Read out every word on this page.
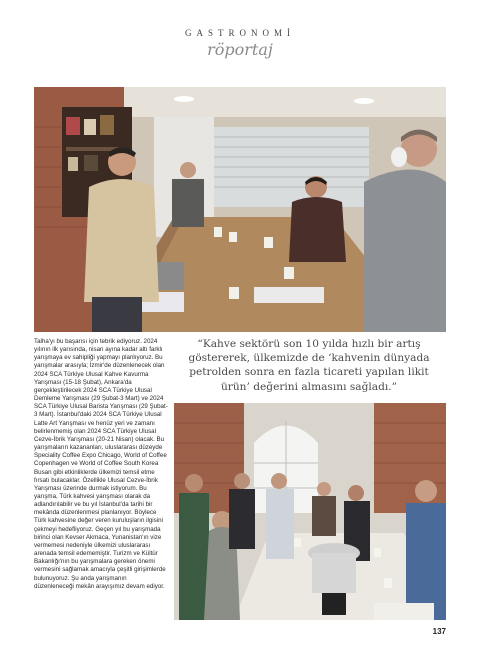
GASTRONOMİ
röportaj

Talha'yı bu başarısı için tebrik ediyoruz. 2024 yılının ilk yarısında, nisan ayına kadar altı farklı yarışmaya ev sahipliği yapmayı planlıyoruz. Bu yarışmalar arasıyla; İzmir'de düzenlenecek olan 2024 SCA Türkiye Ulusal Kahve Kavurma Yarışması (15-18 Şubat), Ankara'da gerçekleştirilecek 2024 SCA Türkiye Ulusal Demleme Yarışması (29 Şubat-3 Mart) ve 2024 SCA Türkiye Ulusal Barista Yarışması (29 Şubat-3 Mart). İstanbul'daki 2024 SCA Türkiye Ulusal Latte Art Yarışması ve henüz yeri ve zamanı belirlenmemiş olan 2024 SCA Türkiye Ulusal Cezve-İbrik Yarışması (20-21 Nisan) olacak. Bu yarışmaların kazananları, uluslararası düzeyde Speciality Coffee Expo Chicago, World of Coffee Copenhagen ve World of Coffee South Korea Busan gibi etkinliklerde ülkemizi temsil etme fırsatı bulacaklar. Özellikle Ulusal Cezve-İbrik Yarışması üzerinde durmak istiyorum. Bu yarışma, Türk kahvesi yarışması olarak da adlandırılabilir ve bu yıl İstanbul'da tarihi bir mekânda düzenlenmesi planlanıyor. Böylece Türk kahvesine değer veren kuruluşların ilgisini çekmeyi hedefliyoruz. Geçen yıl bu yarışmada birinci olan Kevser Akmaca, Yunanistan'ın vize vermemesi nedeniyle ülkemizi uluslararası arenada temsil edememiştir. Turizm ve Kültür Bakanlığı'nın bu yarışmalara gereken önemi vermesini sağlamak amacıyla çeşitli girişimlerde bulunuyoruz. Şu anda yarışmanın düzenleneceği mekân arayışımız devam ediyor.

“Kahve sektörü son 10 yılda hızlı bir artış göstererek, ülkemizde de ‘kahvenin dünyada petrolden sonra en fazla ticareti yapılan likit ürün’ değerini almasını sağladı.”

137
